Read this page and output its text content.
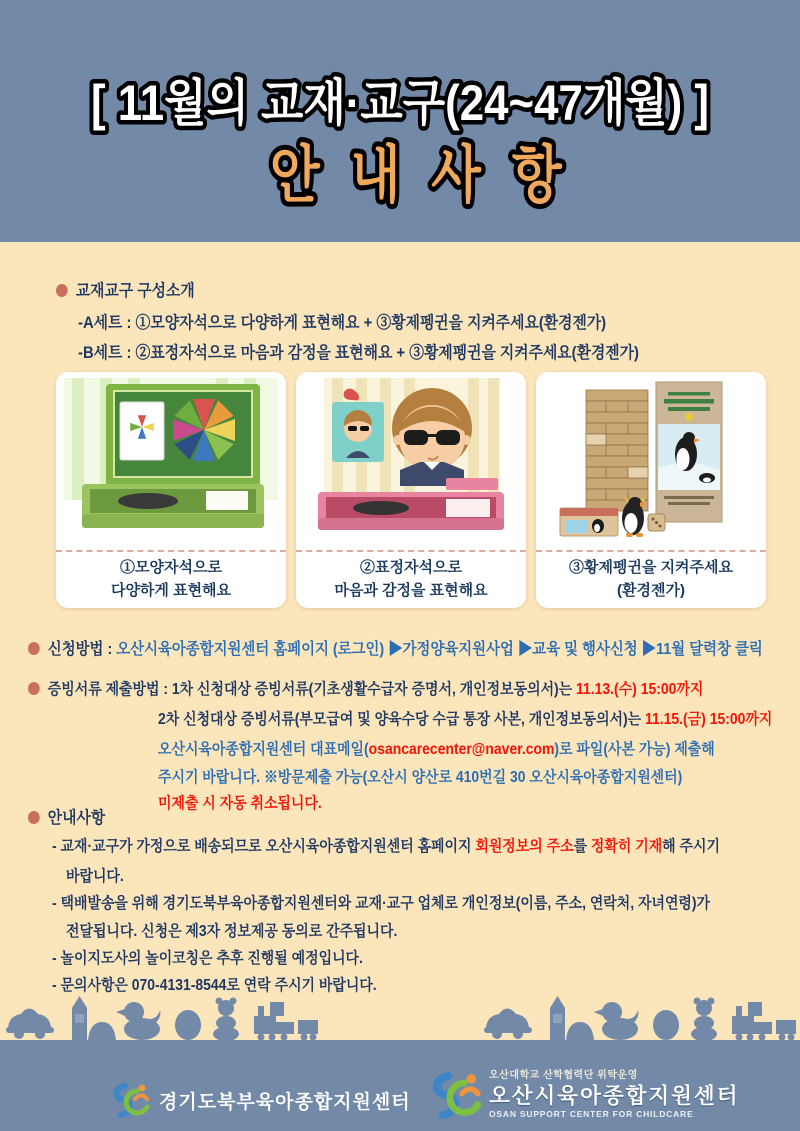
[ 11월의 교재·교구(24~47개월) ]
안 내 사 항
교재교구 구성소개
-A세트 : ①모양자석으로 다양하게 표현해요 + ③황제펭귄을 지켜주세요(환경젠가)
-B세트 : ②표정자석으로 마음과 감정을 표현해요 + ③황제펭귄을 지켜주세요(환경젠가)
①모양자석으로
다양하게 표현해요
②표정자석으로
마음과 감정을 표현해요
③황제펭귄을 지켜주세요
(환경젠가)
신청방법 : 오산시육아종합지원센터 홈페이지 (로그인) ▶가정양육지원사업 ▶교육 및 행사신청 ▶11월 달력창 클릭
증빙서류 제출방법 : 1차 신청대상 증빙서류(기초생활수급자 증명서, 개인정보동의서)는 11.13.(수) 15:00까지
2차 신청대상 증빙서류(부모급여 및 양육수당 수급 통장 사본, 개인정보동의서)는 11.15.(금) 15:00까지
오산시육아종합지원센터 대표메일(osancarecenter@naver.com)로 파일(사본 가능) 제출해
주시기 바랍니다. ※방문제출 가능(오산시 양산로 410번길 30 오산시육아종합지원센터)
미제출 시 자동 취소됩니다.
안내사항
- 교재·교구가 가정으로 배송되므로 오산시육아종합지원센터 홈페이지 회원정보의 주소를 정확히 기재해 주시기
바랍니다.
- 택배발송을 위해 경기도북부육아종합지원센터와 교재·교구 업체로 개인정보(이름, 주소, 연락처, 자녀연령)가
전달됩니다. 신청은 제3자 정보제공 동의로 간주됩니다.
- 놀이지도사의 놀이코칭은 추후 진행될 예정입니다.
- 문의사항은 070-4131-8544로 연락 주시기 바랍니다.
경기도북부육아종합지원센터
오산대학교 산학협력단 위탁운영
오산시육아종합지원센터
OSAN SUPPORT CENTER FOR CHILDCARE
